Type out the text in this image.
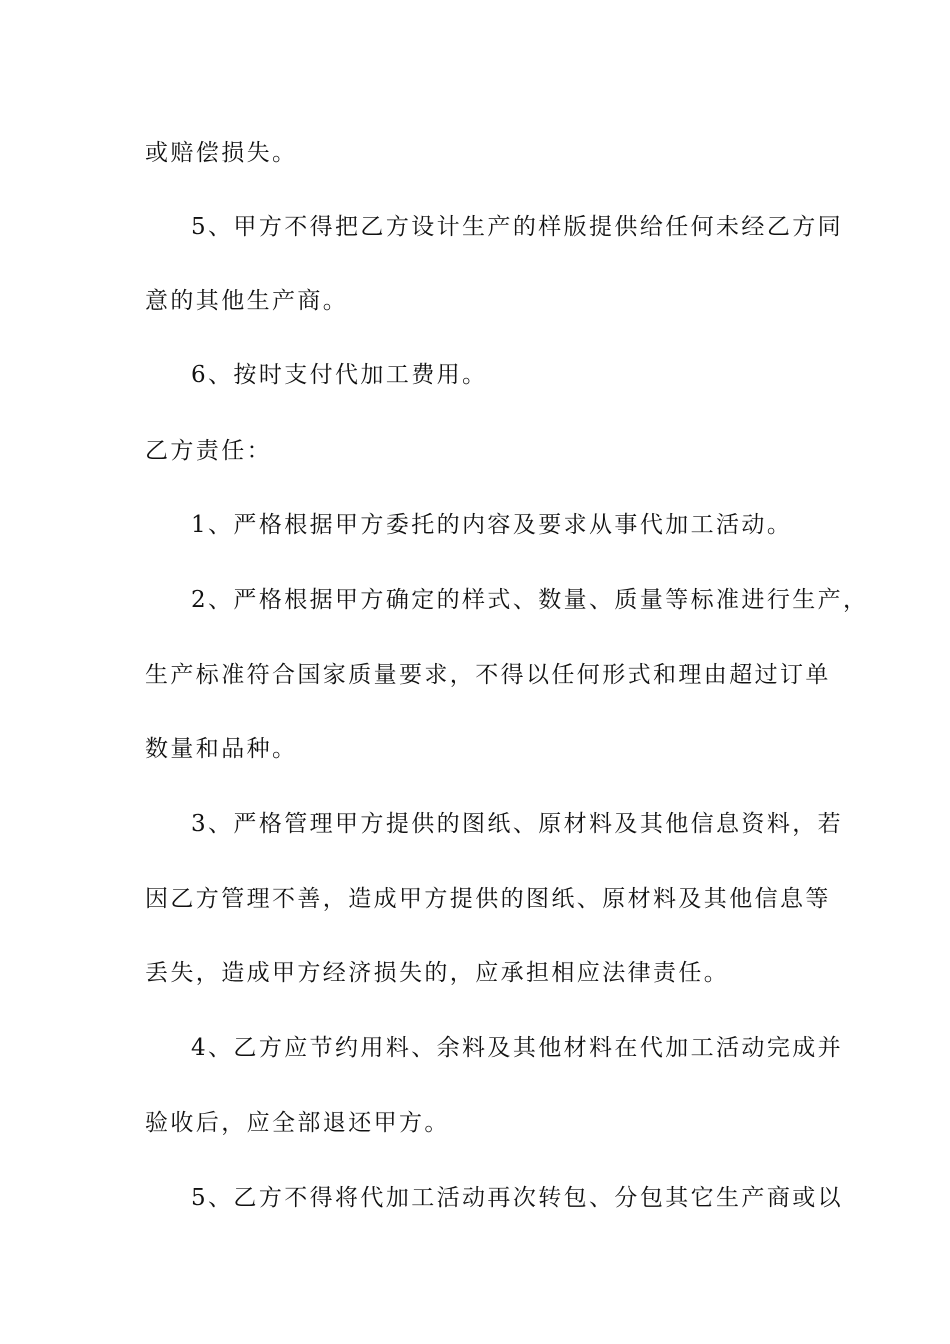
或赔偿损失。
5、甲方不得把乙方设计生产的样版提供给任何未经乙方同
意的其他生产商。
6、按时支付代加工费用。
乙方责任：
1、严格根据甲方委托的内容及要求从事代加工活动。
2、严格根据甲方确定的样式、数量、质量等标准进行生产，
生产标准符合国家质量要求，不得以任何形式和理由超过订单
数量和品种。
3、严格管理甲方提供的图纸、原材料及其他信息资料，若
因乙方管理不善，造成甲方提供的图纸、原材料及其他信息等
丢失，造成甲方经济损失的，应承担相应法律责任。
4、乙方应节约用料、余料及其他材料在代加工活动完成并
验收后，应全部退还甲方。
5、乙方不得将代加工活动再次转包、分包其它生产商或以
